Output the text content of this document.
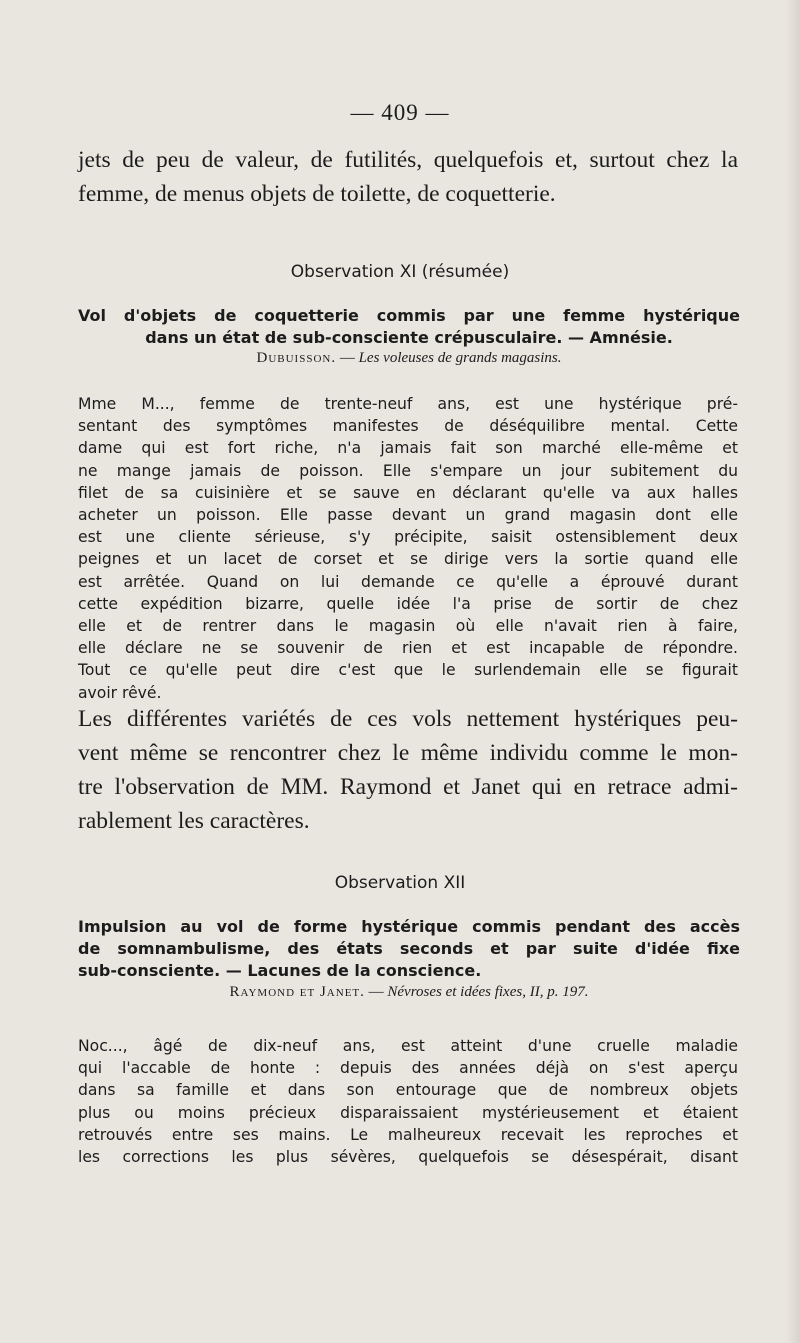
— 409 —
jets de peu de valeur, de futilités, quelquefois et, surtout chez la
femme, de menus objets de toilette, de coquetterie.
Observation XI (résumée)
Vol d'objets de coquetterie commis par une femme hystérique
dans un état de sub-consciente crépusculaire. — Amnésie.
Dubuisson. — Les voleuses de grands magasins.
Mme M..., femme de trente-neuf ans, est une hystérique pré-
sentant des symptômes manifestes de déséquilibre mental. Cette
dame qui est fort riche, n'a jamais fait son marché elle-même et
ne mange jamais de poisson. Elle s'empare un jour subitement du
filet de sa cuisinière et se sauve en déclarant qu'elle va aux halles
acheter un poisson. Elle passe devant un grand magasin dont elle
est une cliente sérieuse, s'y précipite, saisit ostensiblement deux
peignes et un lacet de corset et se dirige vers la sortie quand elle
est arrêtée. Quand on lui demande ce qu'elle a éprouvé durant
cette expédition bizarre, quelle idée l'a prise de sortir de chez
elle et de rentrer dans le magasin où elle n'avait rien à faire,
elle déclare ne se souvenir de rien et est incapable de répondre.
Tout ce qu'elle peut dire c'est que le surlendemain elle se figurait
avoir rêvé.
Les différentes variétés de ces vols nettement hystériques peu-
vent même se rencontrer chez le même individu comme le mon-
tre l'observation de MM. Raymond et Janet qui en retrace admi-
rablement les caractères.
Observation XII
Impulsion au vol de forme hystérique commis pendant des accès
de somnambulisme, des états seconds et par suite d'idée fixe
sub-consciente. — Lacunes de la conscience.
Raymond et Janet. — Névroses et idées fixes, II, p. 197.
Noc..., âgé de dix-neuf ans, est atteint d'une cruelle maladie
qui l'accable de honte : depuis des années déjà on s'est aperçu
dans sa famille et dans son entourage que de nombreux objets
plus ou moins précieux disparaissaient mystérieusement et étaient
retrouvés entre ses mains. Le malheureux recevait les reproches et
les corrections les plus sévères, quelquefois se désespérait, disant
